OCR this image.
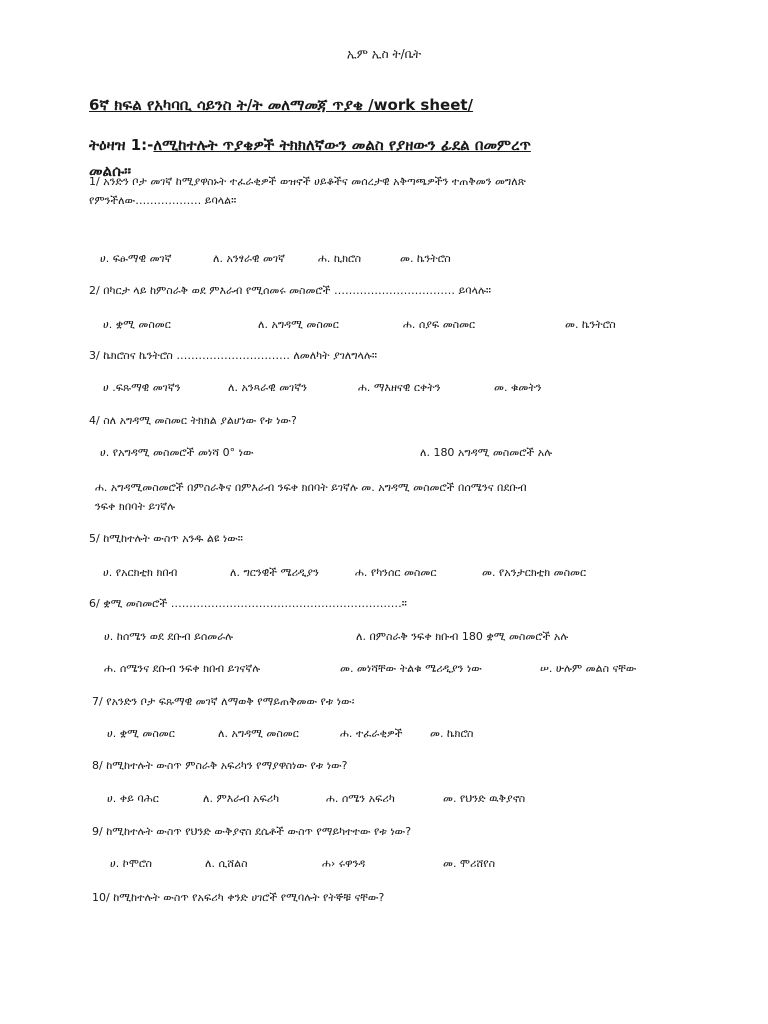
ኢም ኢስ ት/ቤት
6ኛ ክፍል የአካባቢ ሳይንስ ት/ት መለማመጃ ጥያቄ /work sheet/
ትዕዛዝ 1:-ለሚከተሉት ጥያቄዎች ትክክለኛውን መልስ የያዘውን ፊደል በመምረጥ
መልሱ።
1/ አንድን ቦታ መገኛ ከሚያዋስኑት ተፈራቂዎች ወዝኖች ሀይቆችና መሰረታዊ አቅጣጫዎችን ተጠቅመን መግለጽ
የምንችለው……………… ይባላል።
ሀ. ፍፁማዊ መገኛ	ለ. አንፃራዊ መገኛ	ሐ. ኪክሮስ	መ. ኬንትሮስ
2/ በካርታ ላይ ከምስራቅ ወደ ምእራብ የሚሰመሩ መስመሮች …………………………… ይባላሉ።
ሀ. ቋሚ መስመር	ለ. አግዳሚ መስመር	ሐ. ሰያፍ መስመር	መ. ኬንትሮስ
3/ ኬክሮስና ኬንትሮስ …………………………. ለመለካት ያገለግላሉ።
ሀ .ፍጹማዊ መገኛን	ለ. አንጻራዊ መገኛን	ሐ. ማእዘናዊ ርቀትን	መ. ቁመትን
4/ ስለ አግዳሚ መስመር ትክክል ያልሆነው የቱ ነው?
ሀ. የአግዳሚ መስመሮች መነሻ 0° ነው	ለ. 180 አግዳሚ መስመሮች አሉ
ሐ. አግዳሚመስመሮች በምስራቅና በምእራብ ንፍቀ ክበባት ይገኛሉ መ. አግዳሚ መስመሮች በሰሜንና በደቡብ
ንፍቀ ክበባት ይገኛሉ
5/ ከሚከተሉት ውስጥ አንዱ ልዩ ነው።
ሀ. የአርክቲክ ክበብ	ለ. ግርንዊች ሜሪዲያን	ሐ. የካንሰር መስመር	መ. የአንታርክቲክ መስመር
6/ ቋሚ መስመሮች ………………………………………………………።
ሀ. ከሰሜን ወደ ደቡብ ይሰመራሉ	ለ. በምስራቅ ንፍቀ ክቡብ 180 ቋሚ መስመሮች አሉ
ሐ. ሰሜንና ደቡብ ንፍቀ ክበብ ይገናኛሉ	መ. መነሻቸው ትልቁ ሜሪዲያን ነው	ሠ. ሁሉም መልስ ናቸው
7/ የአንድን ቦታ ፍጹማዊ መገኛ ለማወቅ የማይጠቅመው የቱ ነው፡
ሀ. ቋሚ መስመር	ለ. አግዳሚ መስመር	ሐ. ተፈራቂዎች	መ. ኬክሮስ
8/ ከሚከተሉት ውስጥ ምስራቅ አፍሪካን የማያዋስነው የቱ ነው?
ሀ. ቀይ ባሕር	ለ. ምእራብ አፍሪካ	ሐ. ሰሜን አፍሪካ	መ. የህንድ ዉቅያኖስ
9/ ከሚከተሉት ውስጥ የህንድ ውቅያኖስ ደሴቶች ውስጥ የማይካተተው የቱ ነው?
ሀ. ኮሞሮስ	ለ. ሲሸልስ	ሐ› ሩዋንዳ	መ. ሞሪሸየስ
10/ ከሚከተሉት ውስጥ የአፍሪካ ቀንድ ሀገሮች የሚባሉት የትኞቹ ናቸው?
